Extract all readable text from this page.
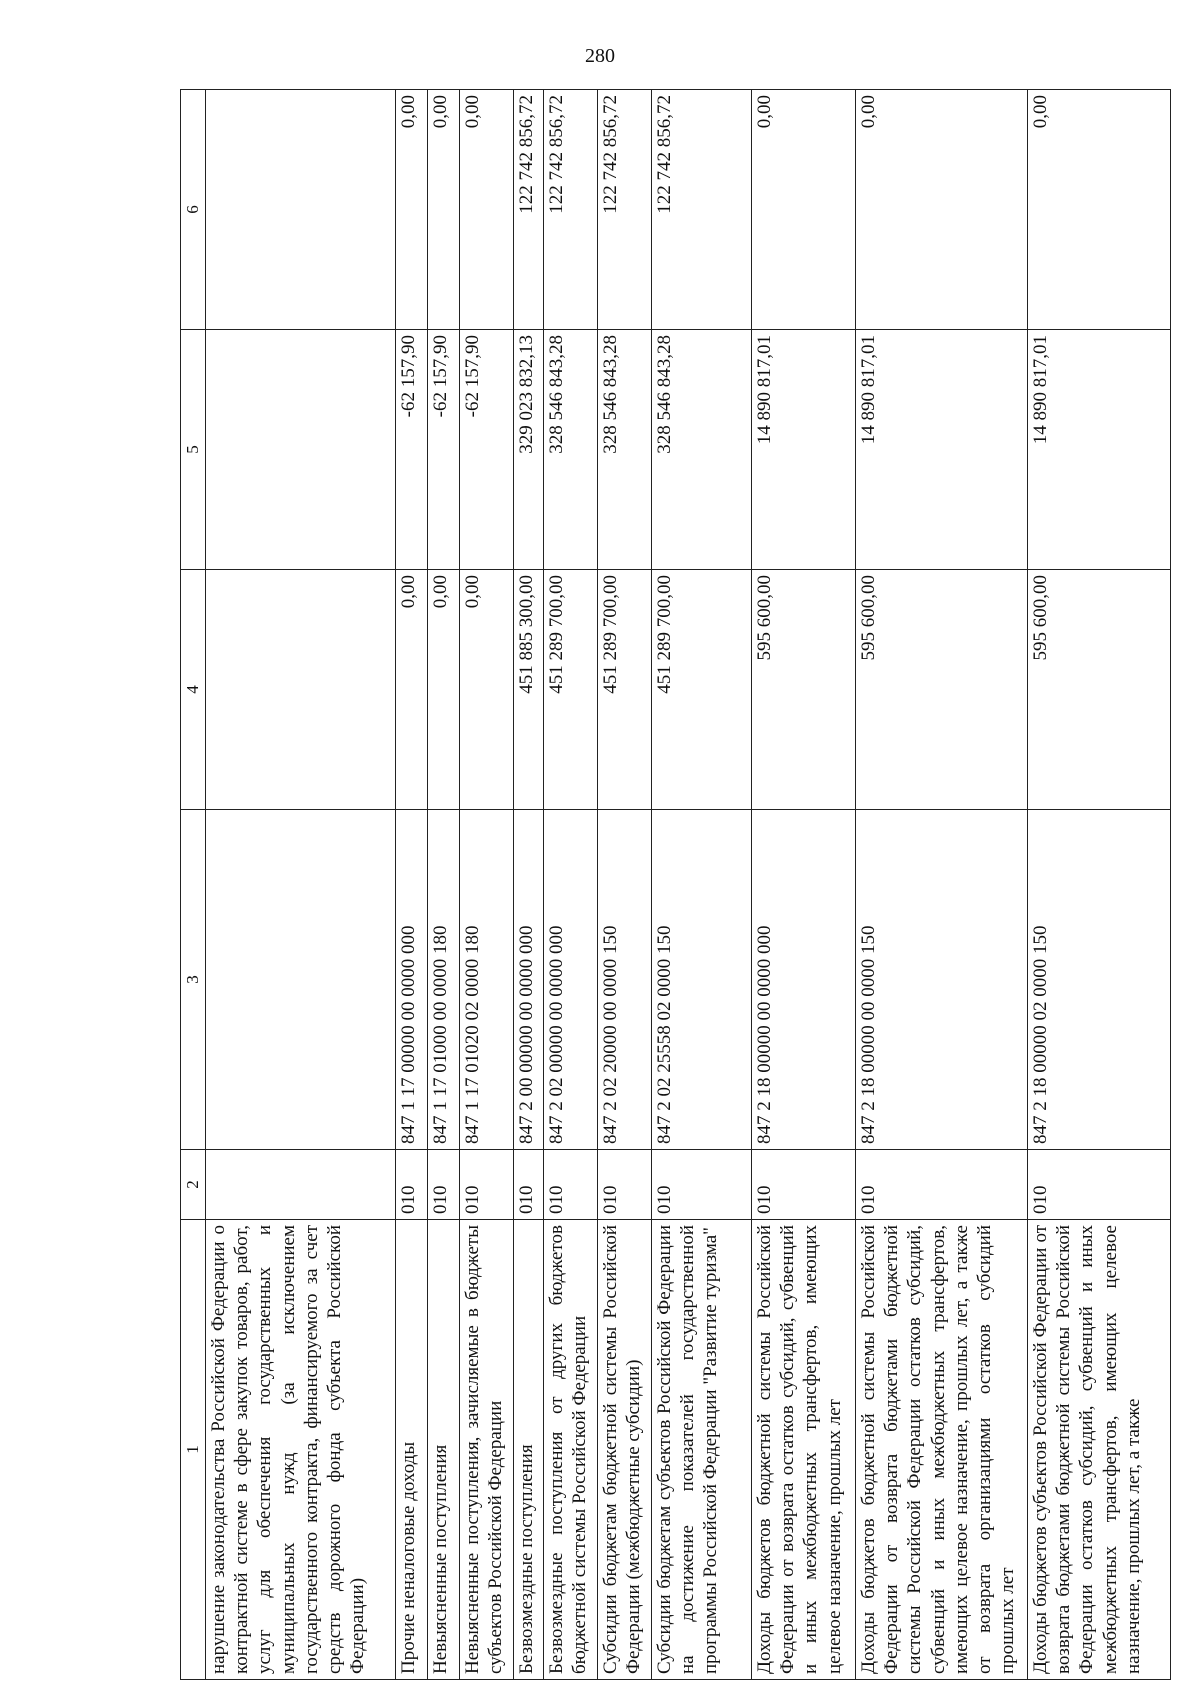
280
1	2	3	4	5	6
нарушение законодательства Российской Федерации о контрактной системе в сфере закупок товаров, работ, услуг для обеспечения государственных и муниципальных нужд (за исключением государственного контракта, финансируемого за счет средств дорожного фонда субъекта Российской Федерации)					
Прочие неналоговые доходы	010	847 1 17 00000 00 0000 000	0,00	-62 157,90	0,00
Невыясненные поступления	010	847 1 17 01000 00 0000 180	0,00	-62 157,90	0,00
Невыясненные поступления, зачисляемые в бюджеты субъектов Российской Федерации	010	847 1 17 01020 02 0000 180	0,00	-62 157,90	0,00
Безвозмездные поступления	010	847 2 00 00000 00 0000 000	451 885 300,00	329 023 832,13	122 742 856,72
Безвозмездные поступления от других бюджетов бюджетной системы Российской Федерации	010	847 2 02 00000 00 0000 000	451 289 700,00	328 546 843,28	122 742 856,72
Субсидии бюджетам бюджетной системы Российской Федерации (межбюджетные субсидии)	010	847 2 02 20000 00 0000 150	451 289 700,00	328 546 843,28	122 742 856,72
Субсидии бюджетам субъектов Российской Федерации на достижение показателей государственной программы Российской Федерации "Развитие туризма"	010	847 2 02 25558 02 0000 150	451 289 700,00	328 546 843,28	122 742 856,72
Доходы бюджетов бюджетной системы Российской Федерации от возврата остатков субсидий, субвенций и иных межбюджетных трансфертов, имеющих целевое назначение, прошлых лет	010	847 2 18 00000 00 0000 000	595 600,00	14 890 817,01	0,00
Доходы бюджетов бюджетной системы Российской Федерации от возврата бюджетами бюджетной системы Российской Федерации остатков субсидий, субвенций и иных межбюджетных трансфертов, имеющих целевое назначение, прошлых лет, а также от возврата организациями остатков субсидий прошлых лет	010	847 2 18 00000 00 0000 150	595 600,00	14 890 817,01	0,00
Доходы бюджетов субъектов Российской Федерации от возврата бюджетами бюджетной системы Российской Федерации остатков субсидий, субвенций и иных межбюджетных трансфертов, имеющих целевое назначение, прошлых лет, а также	010	847 2 18 00000 02 0000 150	595 600,00	14 890 817,01	0,00
